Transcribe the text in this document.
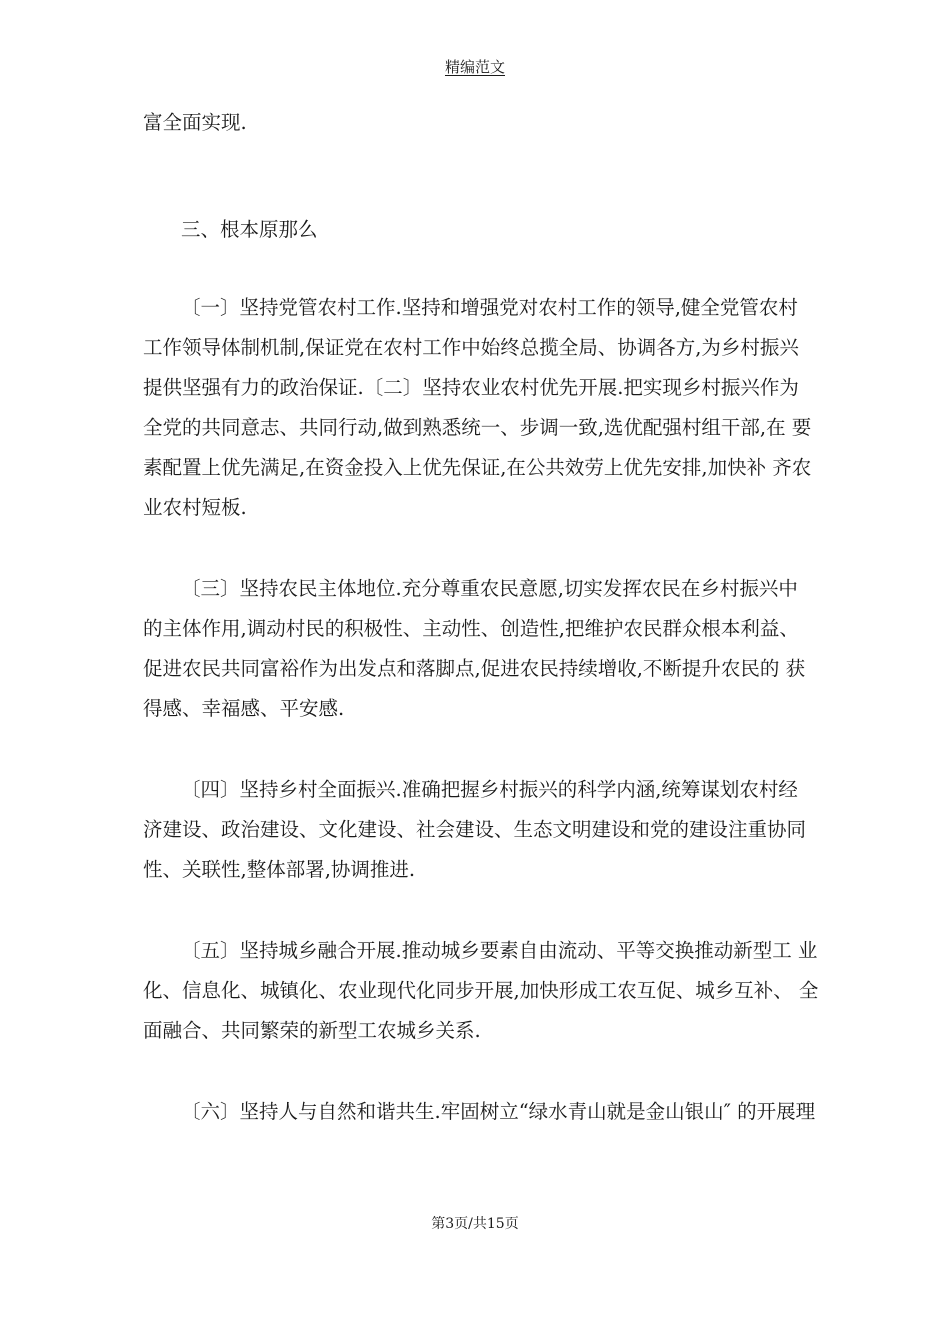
精编范文
富全面实现.
三、根本原那么
〔一〕坚持党管农村工作.坚持和增强党对农村工作的领导,健全党管农村
工作领导体制机制,保证党在农村工作中始终总揽全局、协调各方,为乡村振兴
提供坚强有力的政治保证.〔二〕坚持农业农村优先开展.把实现乡村振兴作为
全党的共同意志、共同行动,做到熟悉统一、步调一致,选优配强村组干部,在 要
素配置上优先满足,在资金投入上优先保证,在公共效劳上优先安排,加快补 齐农
业农村短板.
〔三〕坚持农民主体地位.充分尊重农民意愿,切实发挥农民在乡村振兴中
的主体作用,调动村民的积极性、主动性、创造性,把维护农民群众根本利益、
促进农民共同富裕作为出发点和落脚点,促进农民持续增收,不断提升农民的 获
得感、幸福感、平安感.
〔四〕坚持乡村全面振兴.准确把握乡村振兴的科学内涵,统筹谋划农村经
济建设、政治建设、文化建设、社会建设、生态文明建设和党的建设注重协同
性、关联性,整体部署,协调推进.
〔五〕坚持城乡融合开展.推动城乡要素自由流动、平等交换推动新型工 业
化、信息化、城镇化、农业现代化同步开展,加快形成工农互促、城乡互补、 全
面融合、共同繁荣的新型工农城乡关系.
〔六〕坚持人与自然和谐共生.牢固树立“绿水青山就是金山银山″ 的开展理
第3页/共15页
